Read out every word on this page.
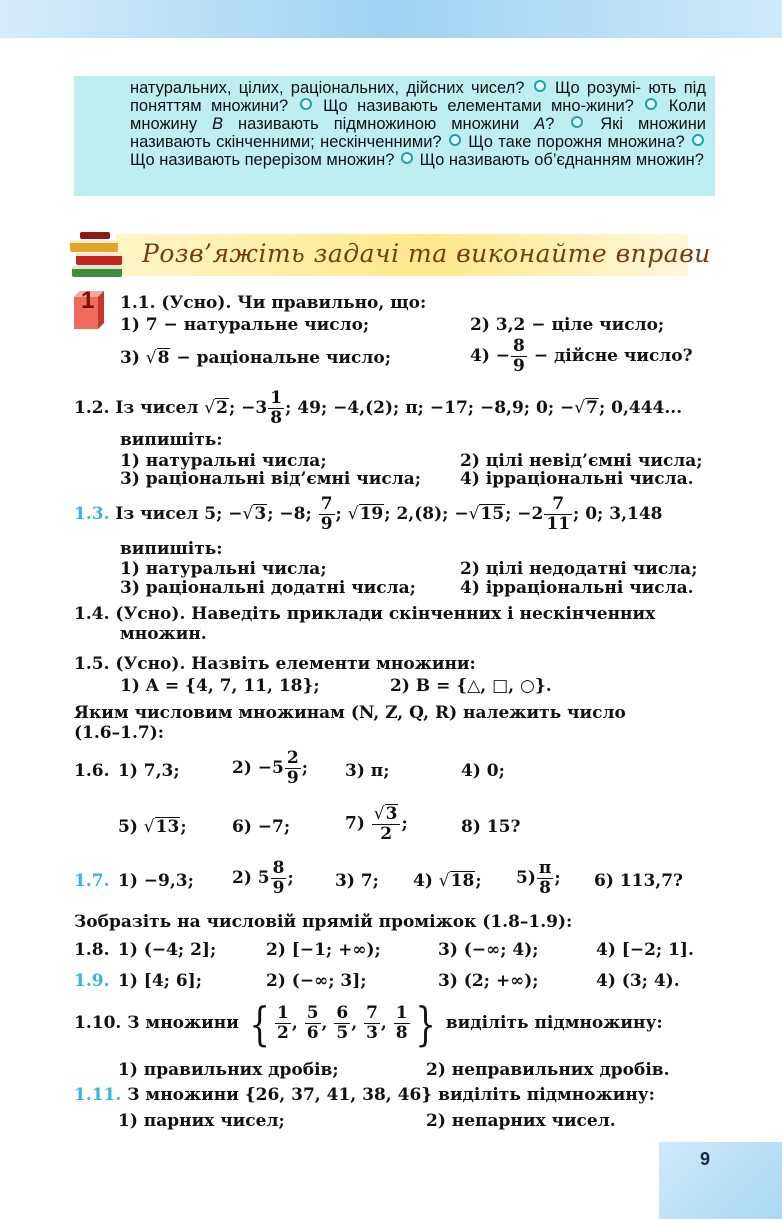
натуральних, цілих, раціональних, дійсних чисел? Що розумі- ють під поняттям множини? Що називають елементами мно-жини? Коли множину B називають підмножиною множини A?	Які множини називають скінченними; нескінченними? Що таке порожня множина?  Що називають перерізом множин? Що називають об’єднанням множин?
Розв’яжіть задачі та виконайте вправи
1 1.1. (Усно). Чи правильно, що:
1) 7 − натуральне число;	2) 3,2 − ціле число;
3) √8 − раціональне число;	$4) - \frac{8}{9}$ − дійсне число?
1.2. Із чисел √2; $-3 \frac{1}{8}$ ; 49; −4,(2); π; −17; −8,9; 0; −√7; 0,444...
випишіть:
1) натуральні числа;	2) цілі невід’ємні числа;
3) раціональні від’ємні числа; 4) ірраціональні числа.
1.3. Із чисел 5; −√3; −8; $\frac{7}{9}$ ; √19; 2,(8); −√15; $-2 \frac{7}{11}$ ; 0; 3,148
випишіть:
1) натуральні числа;	2) цілі недодатні числа;
3) раціональні додатні числа;	4) ірраціональні числа.
1.4. (Усно). Наведіть приклади скінченних і нескінченних
множин.
1.5. (Усно). Назвіть елементи множини:
1) A = {4, 7, 11, 18};	2) B = {△, □, ○}.
Яким числовим множинам (N, Z, Q, R) належить число
(1.6–1.7):
1.6. 1) 7,3;	$2) -5 \frac{2}{9}$ ; 3) π;	4) 0;
5) √13;	6) −7;	$7) \frac{√3}{2}$ ;	8) 15?
1.7. 1) −9,3; 2) $5 \frac{8}{9}$ ; 3) 7; 4) √18; $5) \frac{\pi}{8}$ ; 6) 113,7?
Зобразіть на числовій прямій проміжок (1.8–1.9):
1.8. 1) (−4; 2];	2) [−1; +∞);	3) (−∞; 4);	4) [−2; 1].
1.9. 1) [4; 6];	2) (−∞; 3];	3) (2; +∞);	4) (3; 4).
1.10. З множини { $\frac{1}{2}$ , $\frac{5}{6}$ , $\frac{6}{5}$ , $\frac{7}{3}$ , $\frac{1}{8}$ } виділіть підмножину:
1) правильних дробів;	2) неправильних дробів.
1.11. З множини {26, 37, 41, 38, 46} виділіть підмножину:
1) парних чисел;	2) непарних чисел.
9
